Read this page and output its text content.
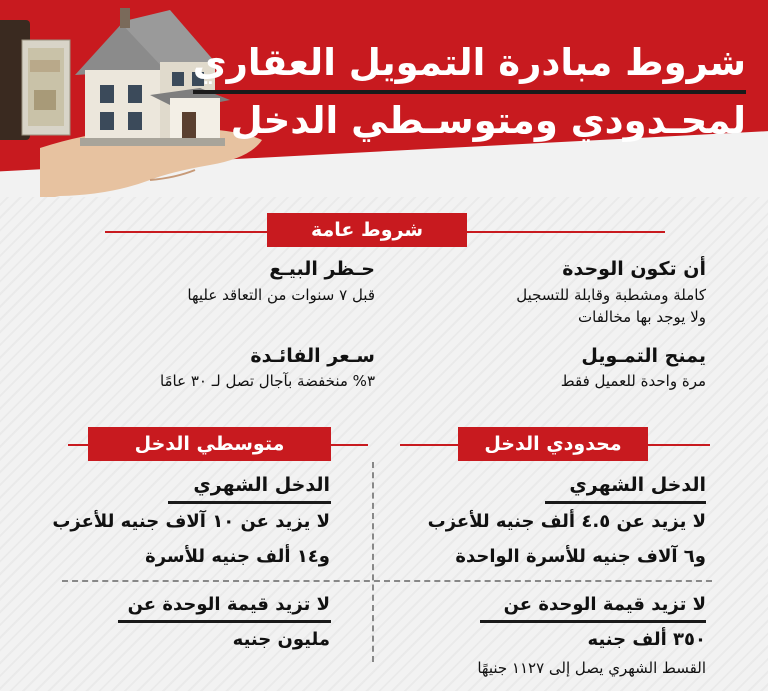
شروط مبادرة التمويل العقاري
لمحـدودي ومتوسـطي الدخل
شروط عامة
أن تكون الوحدة
كاملة ومشطبة وقابلة للتسجيل
ولا يوجد بها مخالفات
يمنح التمـويل
مرة واحدة للعميل فقط
حـظر البيـع
قبل ٧ سنوات من التعاقد عليها
سـعر الفائـدة
٣% منخفضة بآجال تصل لـ ٣٠ عامًا
محدودي الدخل
الدخل الشهري
لا يزيد عن ٤.٥ ألف جنيه للأعزب
و٦ آلاف جنيه للأسرة الواحدة
لا تزيد قيمة الوحدة عن
٣٥٠ ألف جنيه
القسط الشهري يصل إلى ١١٢٧ جنيهًا
متوسطي الدخل
الدخل الشهري
لا يزيد عن ١٠ آلاف جنيه للأعزب
و١٤ ألف جنيه للأسرة
لا تزيد قيمة الوحدة عن
مليون جنيه
